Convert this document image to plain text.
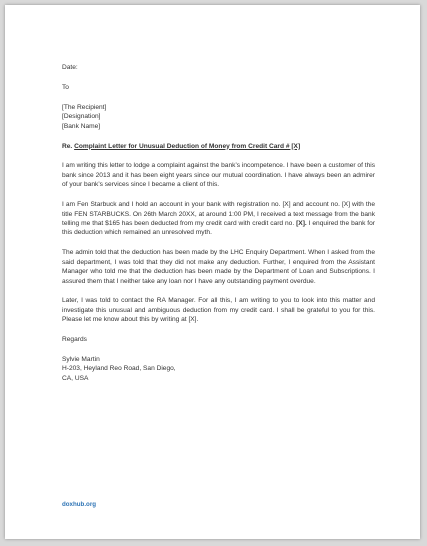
Date:

To

[The Recipient]

[Designation]

[Bank Name]

Re. Complaint Letter for Unusual Deduction of Money from Credit Card # [X]

I am writing this letter to lodge a complaint against the bank’s incompetence. I have been a customer of this bank since 2013 and it has been eight years since our mutual coordination. I have always been an admirer of your bank’s services since I became a client of this.

I am Fen Starbuck and I hold an account in your bank with registration no. [X] and account no. [X] with the title FEN STARBUCKS. On 26th March 20XX, at around 1:00 PM, I received a text message from the bank telling me that $165 has been deducted from my credit card with credit card no. [X]. I enquired the bank for this deduction which remained an unresolved myth.

The admin told that the deduction has been made by the LHC Enquiry Department. When I asked from the said department, I was told that they did not make any deduction. Further, I enquired from the Assistant Manager who told me that the deduction has been made by the Department of Loan and Subscriptions. I assured them that I neither take any loan nor I have any outstanding payment overdue.

Later, I was told to contact the RA Manager. For all this, I am writing to you to look into this matter and investigate this unusual and ambiguous deduction from my credit card. I shall be grateful to you for this. Please let me know about this by writing at [X].

Regards

Sylvie Martin

H-203, Heyland Reo Road, San Diego,

CA, USA

doxhub.org
